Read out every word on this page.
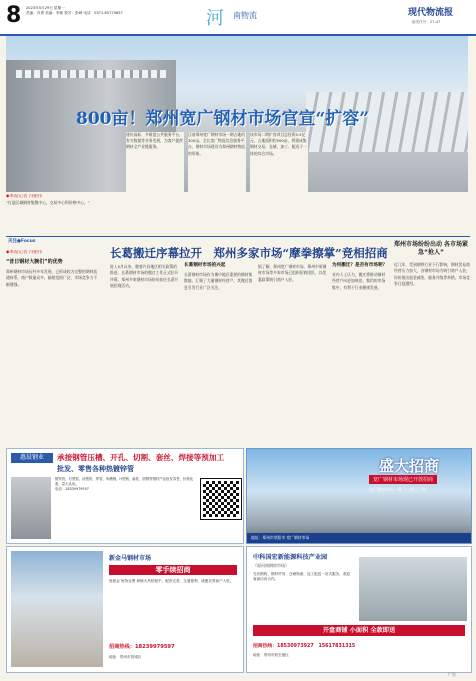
8 2023年5月29日 星期一
责编：冯勇 美编：李敏 校对：张峰 电话：0371-65779657	河 南物流	现代物流报
邮发代号：27-47
800亩！郑州宽广钢材市场官宣“扩容”
建设高标、多维度公共服务平台，有关数据等业务发展，为客户提供钢材全产业链服务。
目前郑州宽广钢材市场一期占地约300亩。全长宽广物流信息服务平台，钢材市场建设为郑州钢材物流的形象。
该市场二期扩容项目总投资5.5亿元，占地面积约500亩，将建成集钢材交易、仓储、加工、配送于一体的综合市场。
◆本报记者 冯振伟
“打造区域钢材集散中心、交易中心和价格中心。”
关注●Focus
◆本报记者 冯振伟
“昔日钢材大腕们”的优势
郑州钢材市场历经多年发展，已形成较为完整的钢材流通体系，商户数量众多，辐射范围广泛，市场竞争力不断增强。
长葛搬迁序幕拉开　郑州多家市场“摩拳擦掌”竞相招商
郑州市场纷纷出动 各市场紧急“抢人”
进入5月以来，随着许昌地区相关政策的推进，长葛钢材市场的搬迁工作正式拉开序幕，郑州多家钢材市场纷纷前往长葛开展招商活动。
长葛钢材市场的兴起
长葛钢材市场作为豫中地区重要的钢材集散地，汇聚了大量钢材经营户，其搬迁消息引发行业广泛关注。
据了解，郑州宽广钢材市场、郑州中原钢材市场等多家市场已组织招商团队，以优惠政策吸引商户入驻。
为何搬迁？是否有市场呢？
业内人士认为，搬迁将推动钢材经营户向更加规范、集约的市场集中，有利于行业健康发展。
近几年，受到钢铁行业下行影响，钢材贸易商经营压力加大，各钢材市场为吸引商户入驻，纷纷推出租金减免、服务升级等举措，市场竞争日趋激烈。
惠晨钢业	承接钢管压槽、开孔、切割、套丝、焊接等预加工
批发、零售各种热镀锌管
镀锌管、衬塑管、涂塑管、焊管、角槽钢、H型钢、扁铁、圆钢等钢材产品批发零售，价格优惠，量大从优。
电话：18339979597
盛大招商
宽广钢材市场现已开放招商
宽广钢材市场 一期 | 二期 | 三期
地址：郑州市荥阳市 宽广钢材市场
新金马钢材市场
零手续招商
免租金 免物业费 商铺火热招租中，配套完善，交通便利，诚邀各界商户入驻。
招商热线：18239979597
地址：郑州市管城区
中科国宏新能源科技产业园
（原河南钢材市场）
光伏钢构、钢材贸易、仓储物流、加工配送一站式服务，欢迎客商洽谈合作。
开盘商铺 小面积 全款即送
招商热线：18530973927　15617831315
地址：郑州市航空港区
广告
